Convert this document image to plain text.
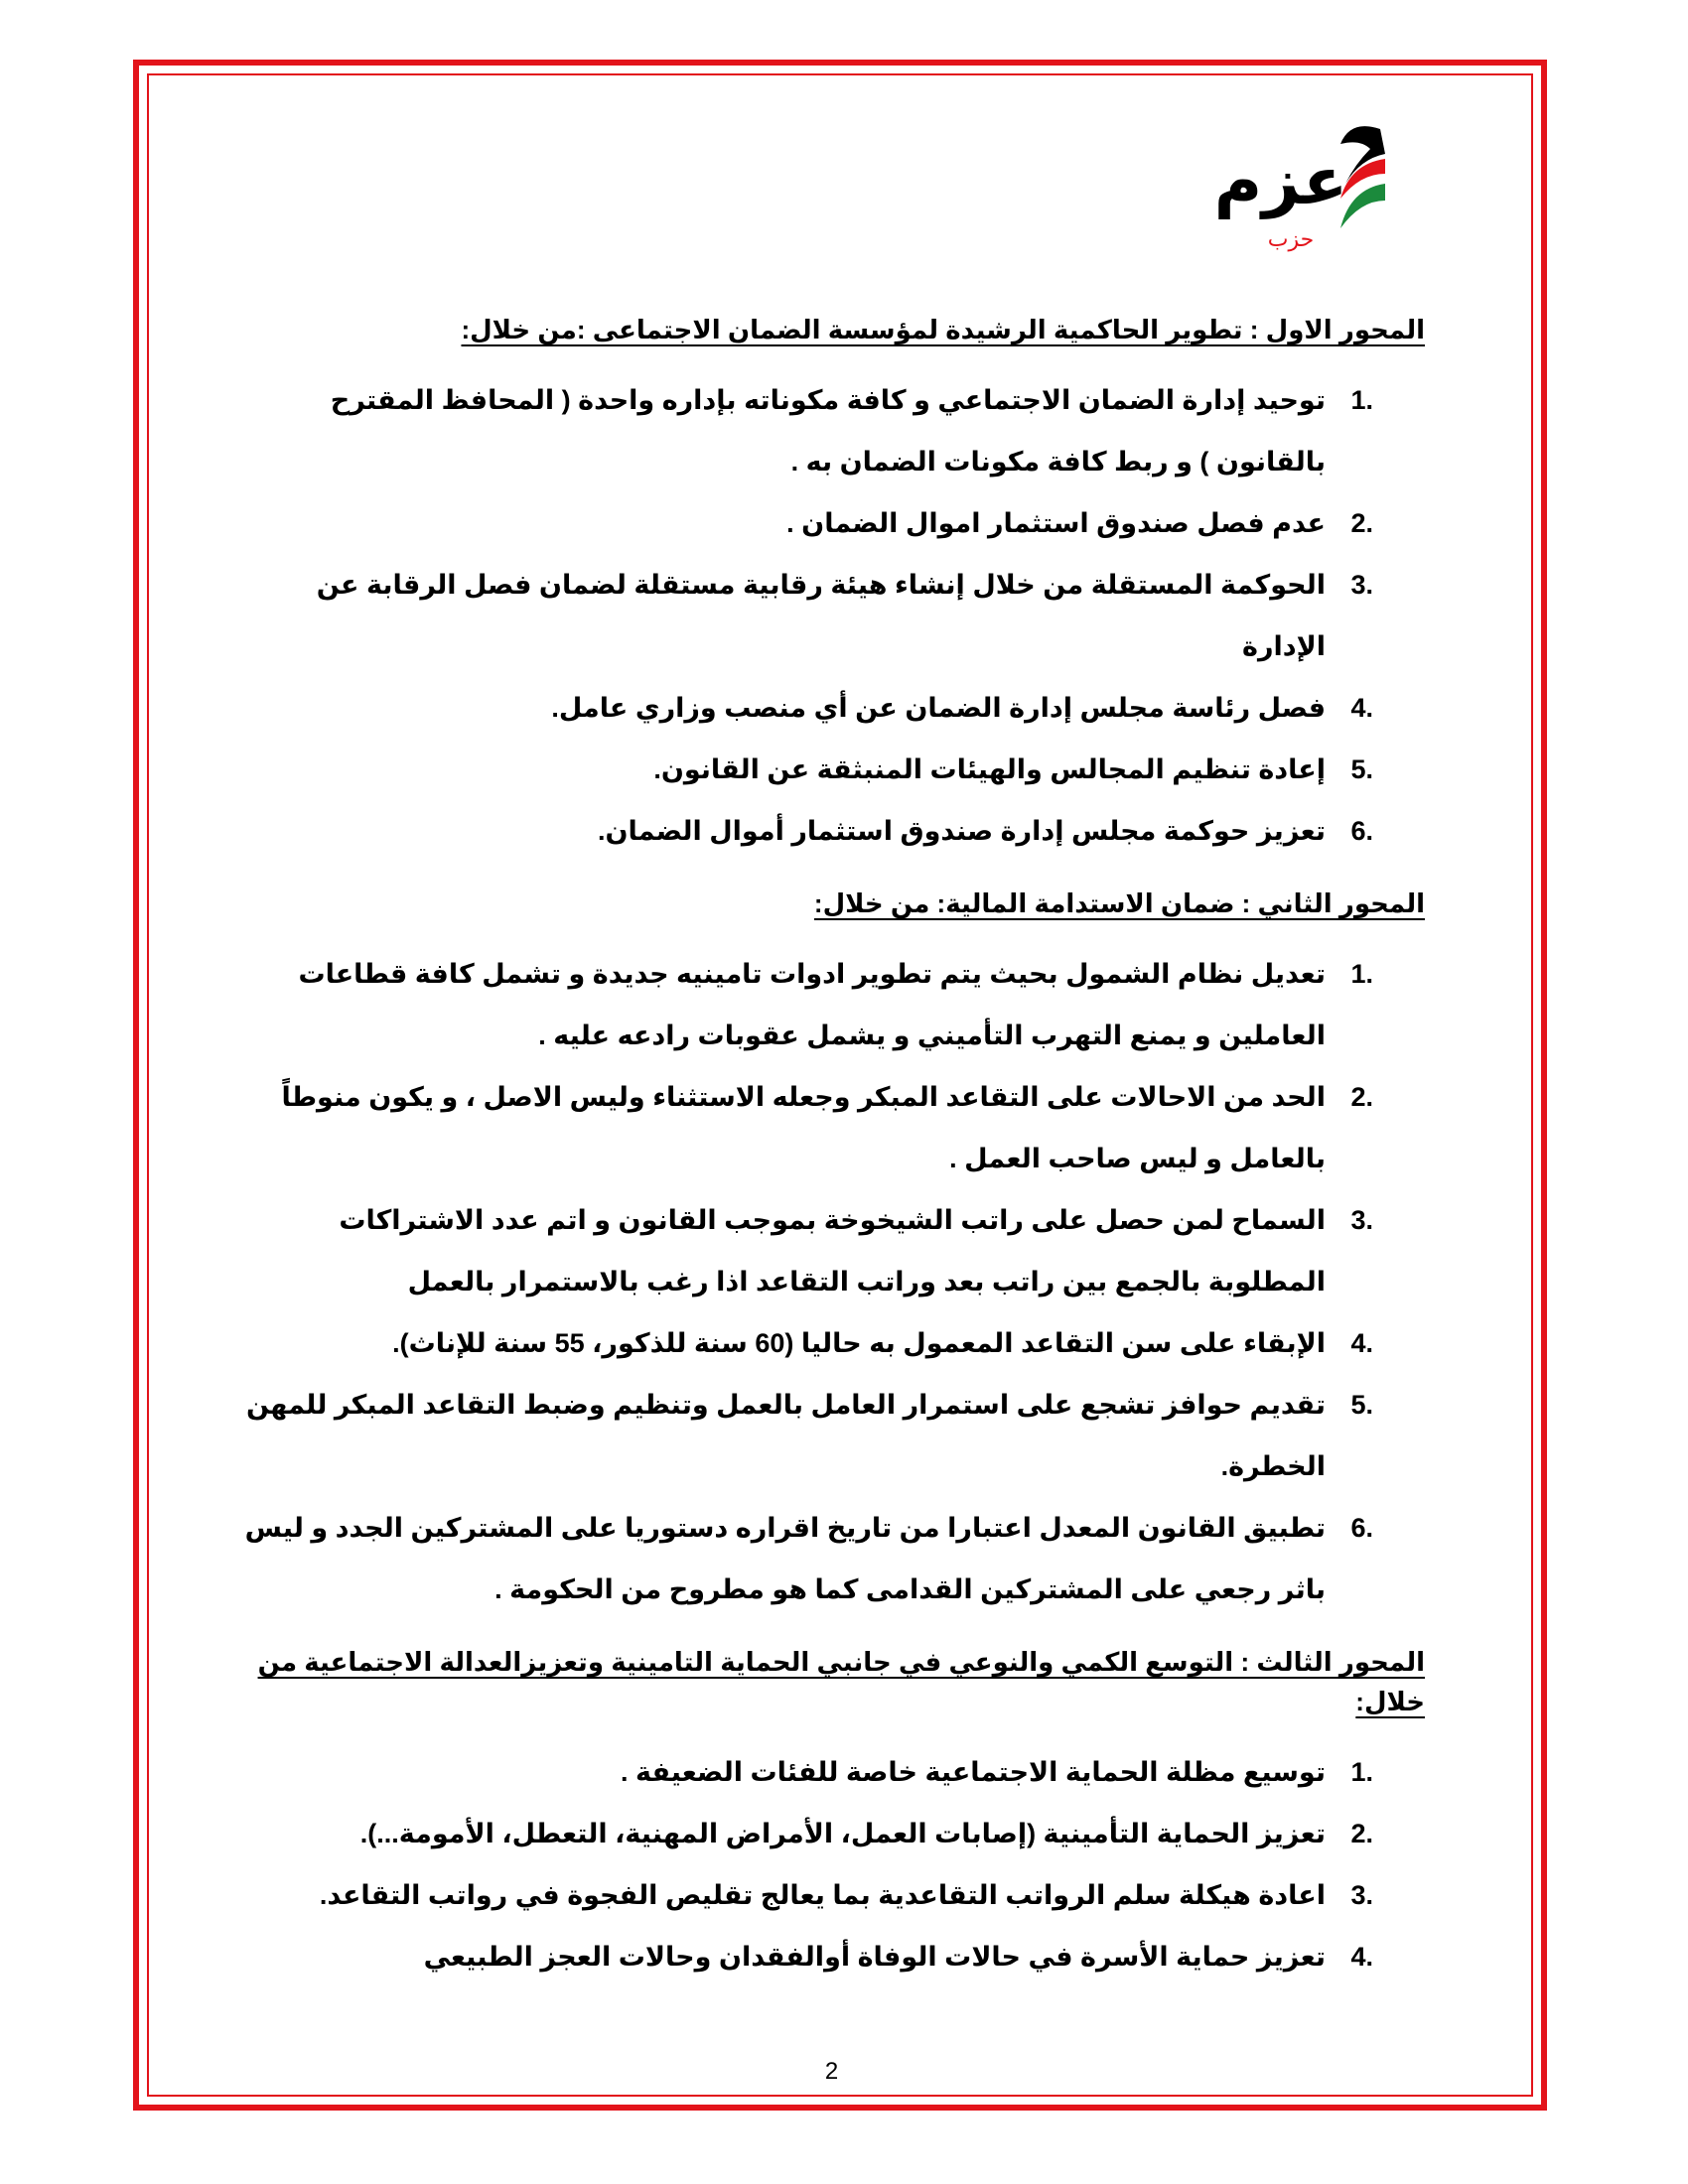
عزم
حزب
المحور الاول : تطوير الحاكمية الرشيدة لمؤسسة الضمان الاجتماعى :من خلال:
1.
توحيد إدارة الضمان الاجتماعي و كافة مكوناته بإداره واحدة ( المحافظ المقترح بالقانون ) و ربط كافة مكونات الضمان به .
2.
عدم فصل صندوق استثمار اموال الضمان .
3.
الحوكمة المستقلة من خلال إنشاء هيئة رقابية مستقلة لضمان فصل الرقابة عن الإدارة
4.
فصل رئاسة مجلس إدارة الضمان عن أي منصب وزاري عامل.
5.
إعادة تنظيم المجالس والهيئات المنبثقة عن القانون.
6.
تعزيز حوكمة مجلس إدارة صندوق استثمار أموال الضمان.
المحور الثاني : ضمان الاستدامة المالية: من خلال:
1.
تعديل نظام الشمول بحيث يتم تطوير ادوات تامينيه جديدة و تشمل كافة قطاعات العاملين و يمنع التهرب التأميني و يشمل عقوبات رادعه عليه .
2.
الحد من الاحالات على التقاعد المبكر وجعله الاستثناء وليس الاصل ، و يكون منوطاً بالعامل و ليس صاحب العمل .
3.
السماح لمن حصل على راتب الشيخوخة بموجب القانون و اتم عدد الاشتراكات المطلوبة بالجمع بين راتب بعد وراتب التقاعد اذا رغب بالاستمرار بالعمل
4.
الإبقاء على سن التقاعد المعمول به حاليا (60 سنة للذكور، 55 سنة للإناث).
5.
تقديم حوافز تشجع على استمرار العامل بالعمل وتنظيم وضبط التقاعد المبكر للمهن الخطرة.
6.
تطبيق القانون المعدل اعتبارا من تاريخ اقراره دستوريا على المشتركين الجدد و ليس باثر رجعي على المشتركين القدامى كما هو مطروح من الحكومة .
المحور الثالث : التوسع الكمي والنوعي في جانبي الحماية التامينية وتعزيزالعدالة الاجتماعية من خلال:
1.
توسيع مظلة الحماية الاجتماعية خاصة للفئات الضعيفة .
2.
تعزيز الحماية التأمينية (إصابات العمل، الأمراض المهنية، التعطل، الأمومة...).
3.
اعادة هيكلة سلم الرواتب التقاعدية بما يعالج تقليص الفجوة في رواتب التقاعد.
4.
تعزيز حماية الأسرة في حالات الوفاة أوالفقدان وحالات العجز الطبيعي
2
